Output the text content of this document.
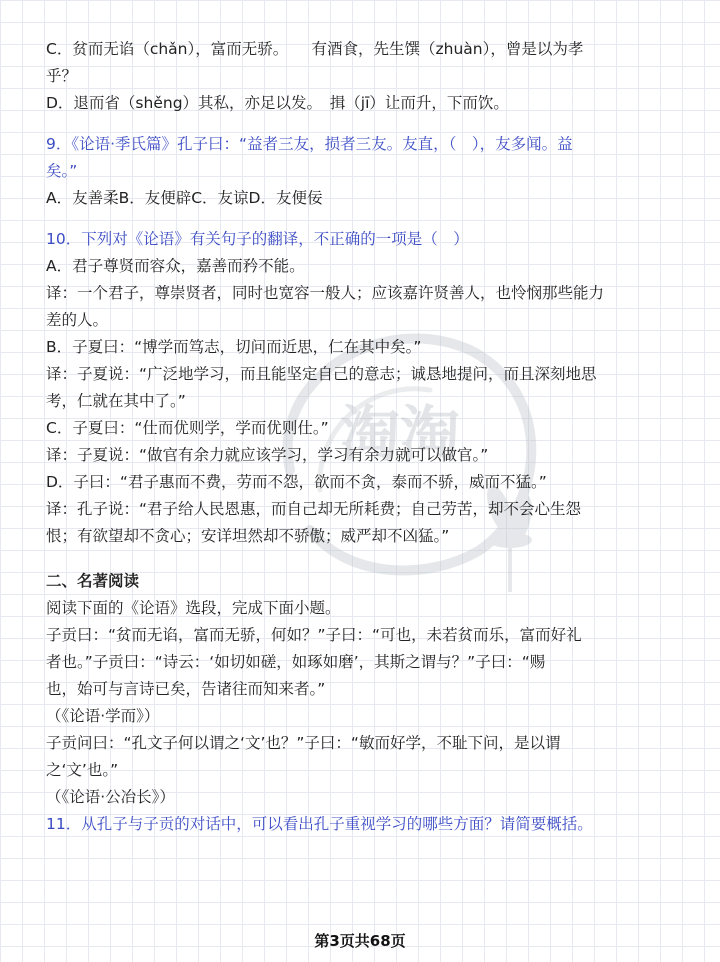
淘淘

C．贫而无谄（chǎn），富而无骄。　　有酒食，先生馔（zhuàn），曾是以为孝

乎？

D．退而省（shěng）其私，亦足以发。　揖（jī）让而升，下而饮。

9．《论语·季氏篇》孔子曰：“益者三友，损者三友。友直，（　），友多闻。益

矣。”

A．友善柔B．友便辟C．友谅D．友便佞

10．下列对《论语》有关句子的翻译，不正确的一项是（　）

A．君子尊贤而容众，嘉善而矜不能。

译：一个君子，尊崇贤者，同时也宽容一般人；应该嘉许贤善人，也怜悯那些能力

差的人。

B．子夏曰：“博学而笃志，切问而近思，仁在其中矣。”

译：子夏说：“广泛地学习，而且能坚定自己的意志；诚恳地提问，而且深刻地思

考，仁就在其中了。”

C．子夏曰：“仕而优则学，学而优则仕。”

译：子夏说：“做官有余力就应该学习，学习有余力就可以做官。”

D．子曰：“君子惠而不费，劳而不怨，欲而不贪，泰而不骄，威而不猛。”

译：孔子说：“君子给人民恩惠，而自己却无所耗费；自己劳苦，却不会心生怨

恨；有欲望却不贪心；安详坦然却不骄傲；威严却不凶猛。”

二、名著阅读

阅读下面的《论语》选段，完成下面小题。

子贡曰：“贫而无谄，富而无骄，何如？”子曰：“可也，未若贫而乐，富而好礼

者也。”子贡曰：“诗云：‘如切如磋，如琢如磨’，其斯之谓与？”子曰：“赐

也，始可与言诗已矣，告诸往而知来者。”

（《论语·学而》）

子贡问曰：“孔文子何以谓之‘文’也？”子曰：“敏而好学，不耻下问，是以谓

之‘文’也。”

（《论语·公冶长》）

11．从孔子与子贡的对话中，可以看出孔子重视学习的哪些方面？请简要概括。

第3页共68页
